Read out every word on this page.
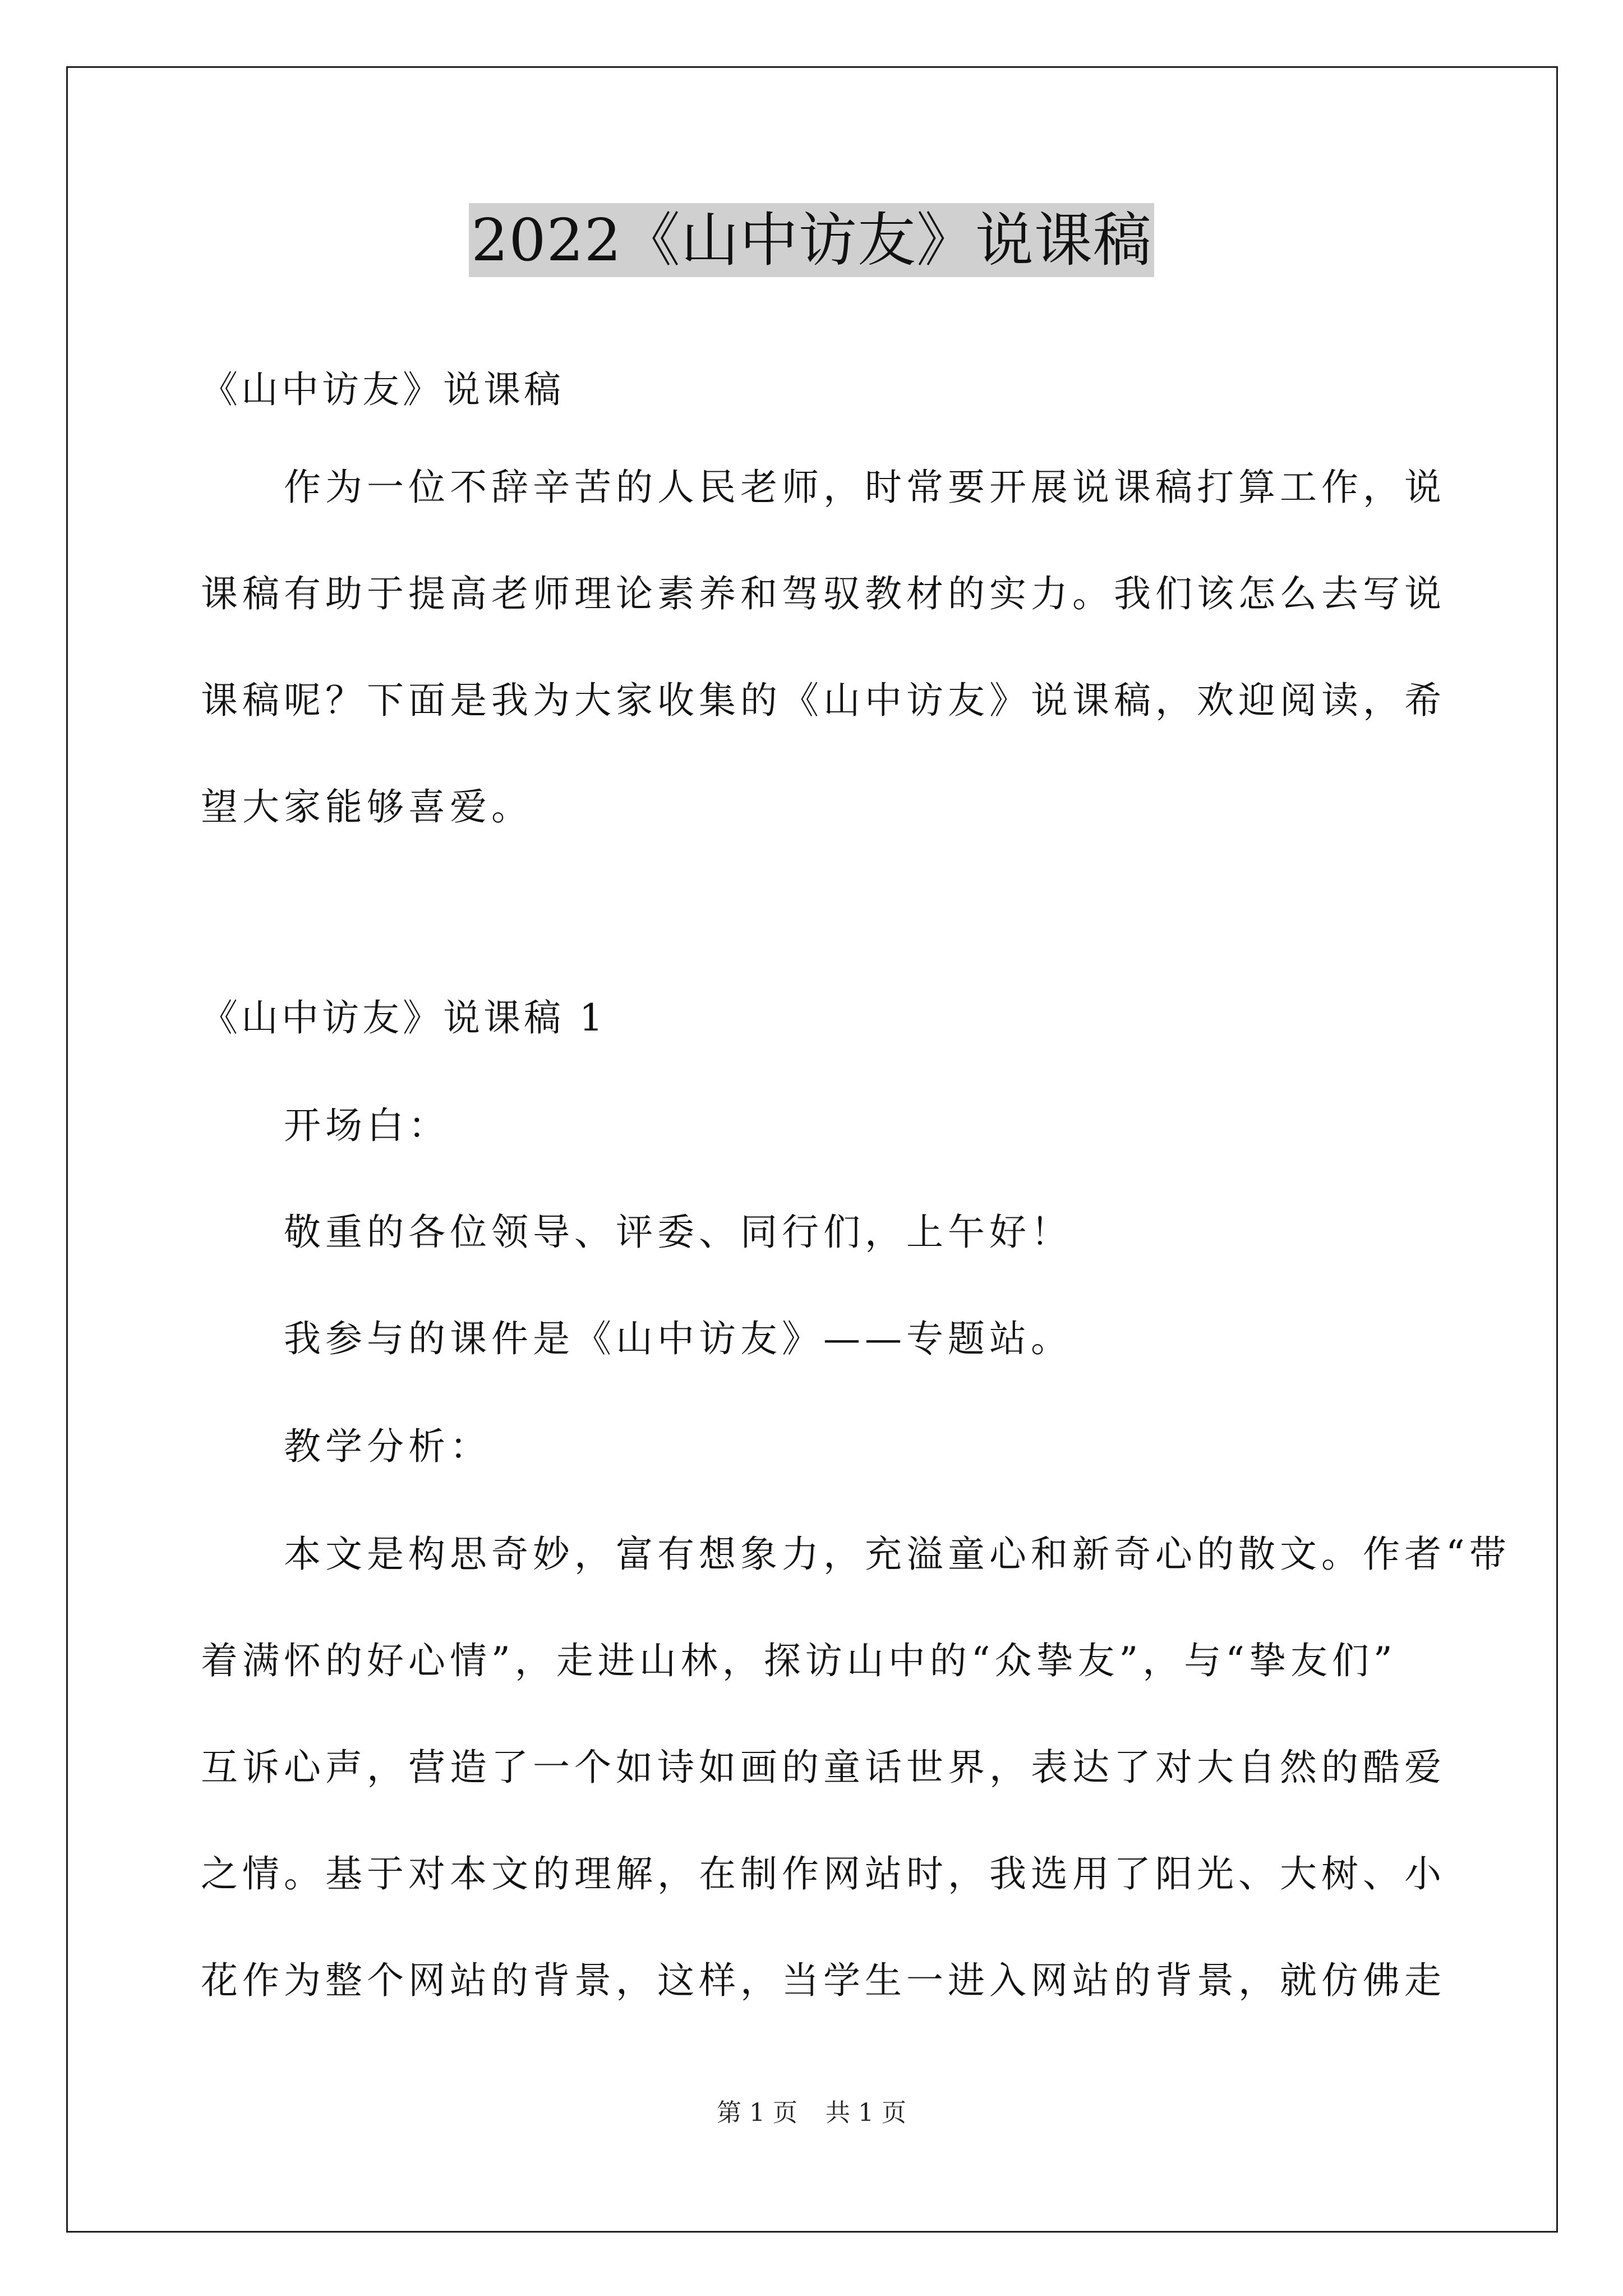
2022《山中访友》说课稿

《山中访友》说课稿

作为一位不辞辛苦的人民老师，时常要开展说课稿打算工作，说
课稿有助于提高老师理论素养和驾驭教材的实力。我们该怎么去写说
课稿呢？下面是我为大家收集的《山中访友》说课稿，欢迎阅读，希
望大家能够喜爱。

《山中访友》说课稿 1

开场白：

敬重的各位领导、评委、同行们，上午好！

我参与的课件是《山中访友》——专题站。

教学分析：

本文是构思奇妙，富有想象力，充溢童心和新奇心的散文。作者“带
着满怀的好心情”，走进山林，探访山中的“众挚友”，与“挚友们”
互诉心声，营造了一个如诗如画的童话世界，表达了对大自然的酷爱
之情。基于对本文的理解，在制作网站时，我选用了阳光、大树、小
花作为整个网站的背景，这样，当学生一进入网站的背景，就仿佛走
第 1 页 共 1 页
